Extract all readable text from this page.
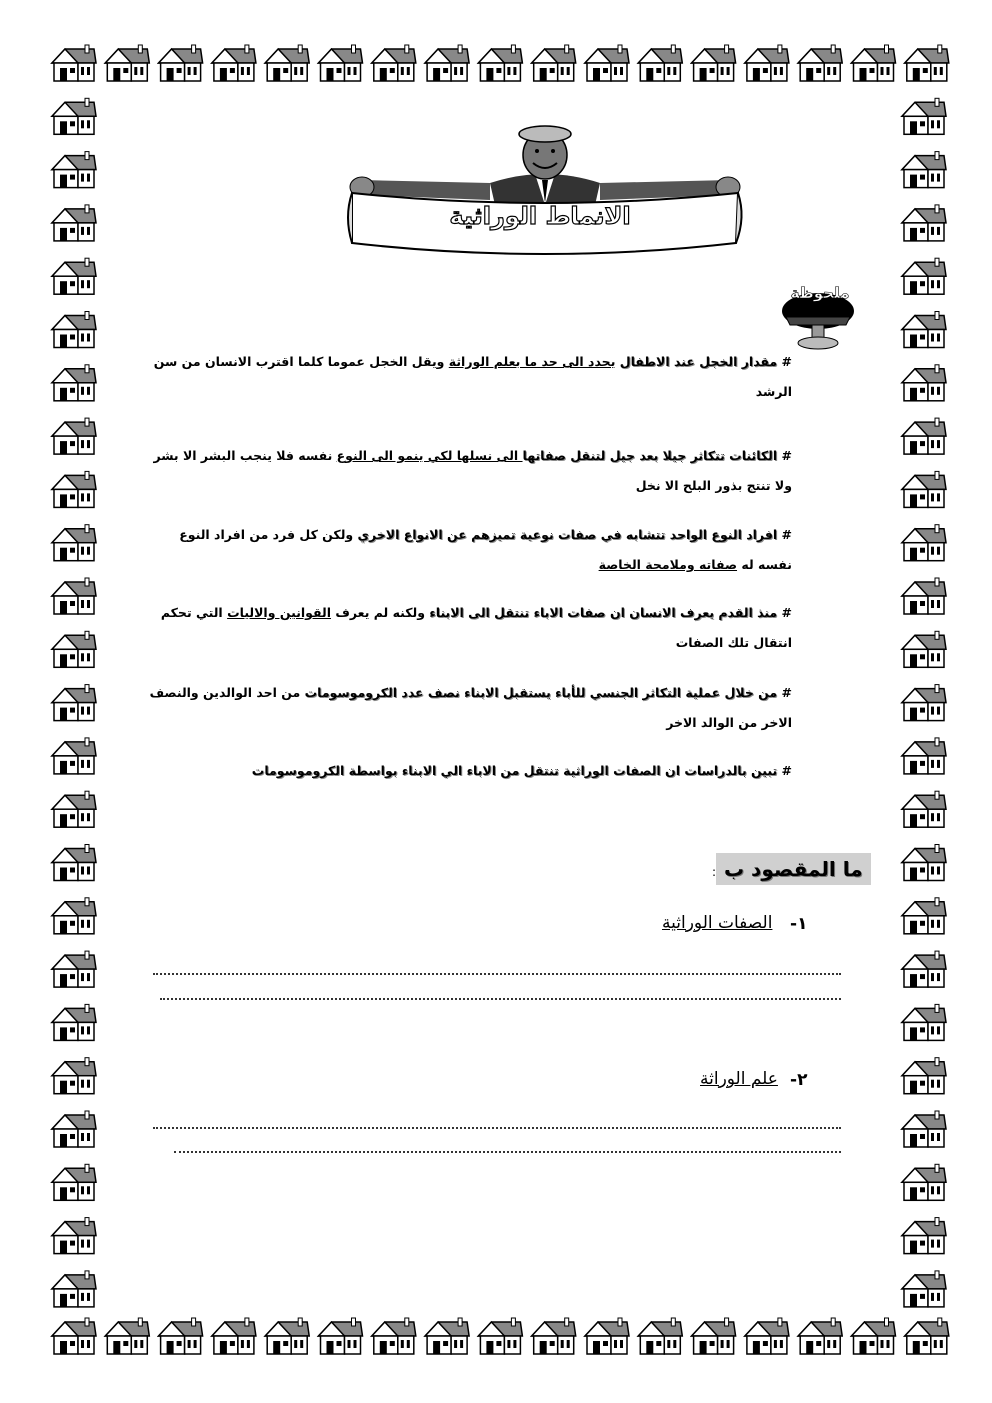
الانماط الوراثية
ملحوظة
# مقدار الخجل عند الاطفال يحدد الى حد ما بعلم الوراثة ويقل الخجل عموما كلما اقترب الانسان من سن الرشد
# الكائنات تتكاثر جيلا بعد جيل لتنقل صفاتها الى نسلها لكي ينمو الى النوع نفسه فلا ينجب البشر الا بشر ولا تنتج بذور البلح الا نخل
# افراد النوع الواحد تتشابه في صفات نوعية تميزهم عن الانواع الاخري ولكن كل فرد من افراد النوع نفسه له صفاته وملامحة الخاصة
# منذ القدم يعرف الانسان ان صفات الاباء تنتقل الى الابناء ولكنه لم يعرف القوانين والاليات التي تحكم انتقال تلك الصفات
# من خلال عملية التكاثر الجنسي للأباء يستقبل الابناء نصف عدد الكروموسومات من احد الوالدين والنصف الاخر من الوالد الاخر
# تبين بالدراسات ان الصفات الوراثية تنتقل من الاباء الي الابناء بواسطة الكروموسومات
ما المقصود ب
:
١-
الصفات الوراثية
٢-
علم الوراثة
